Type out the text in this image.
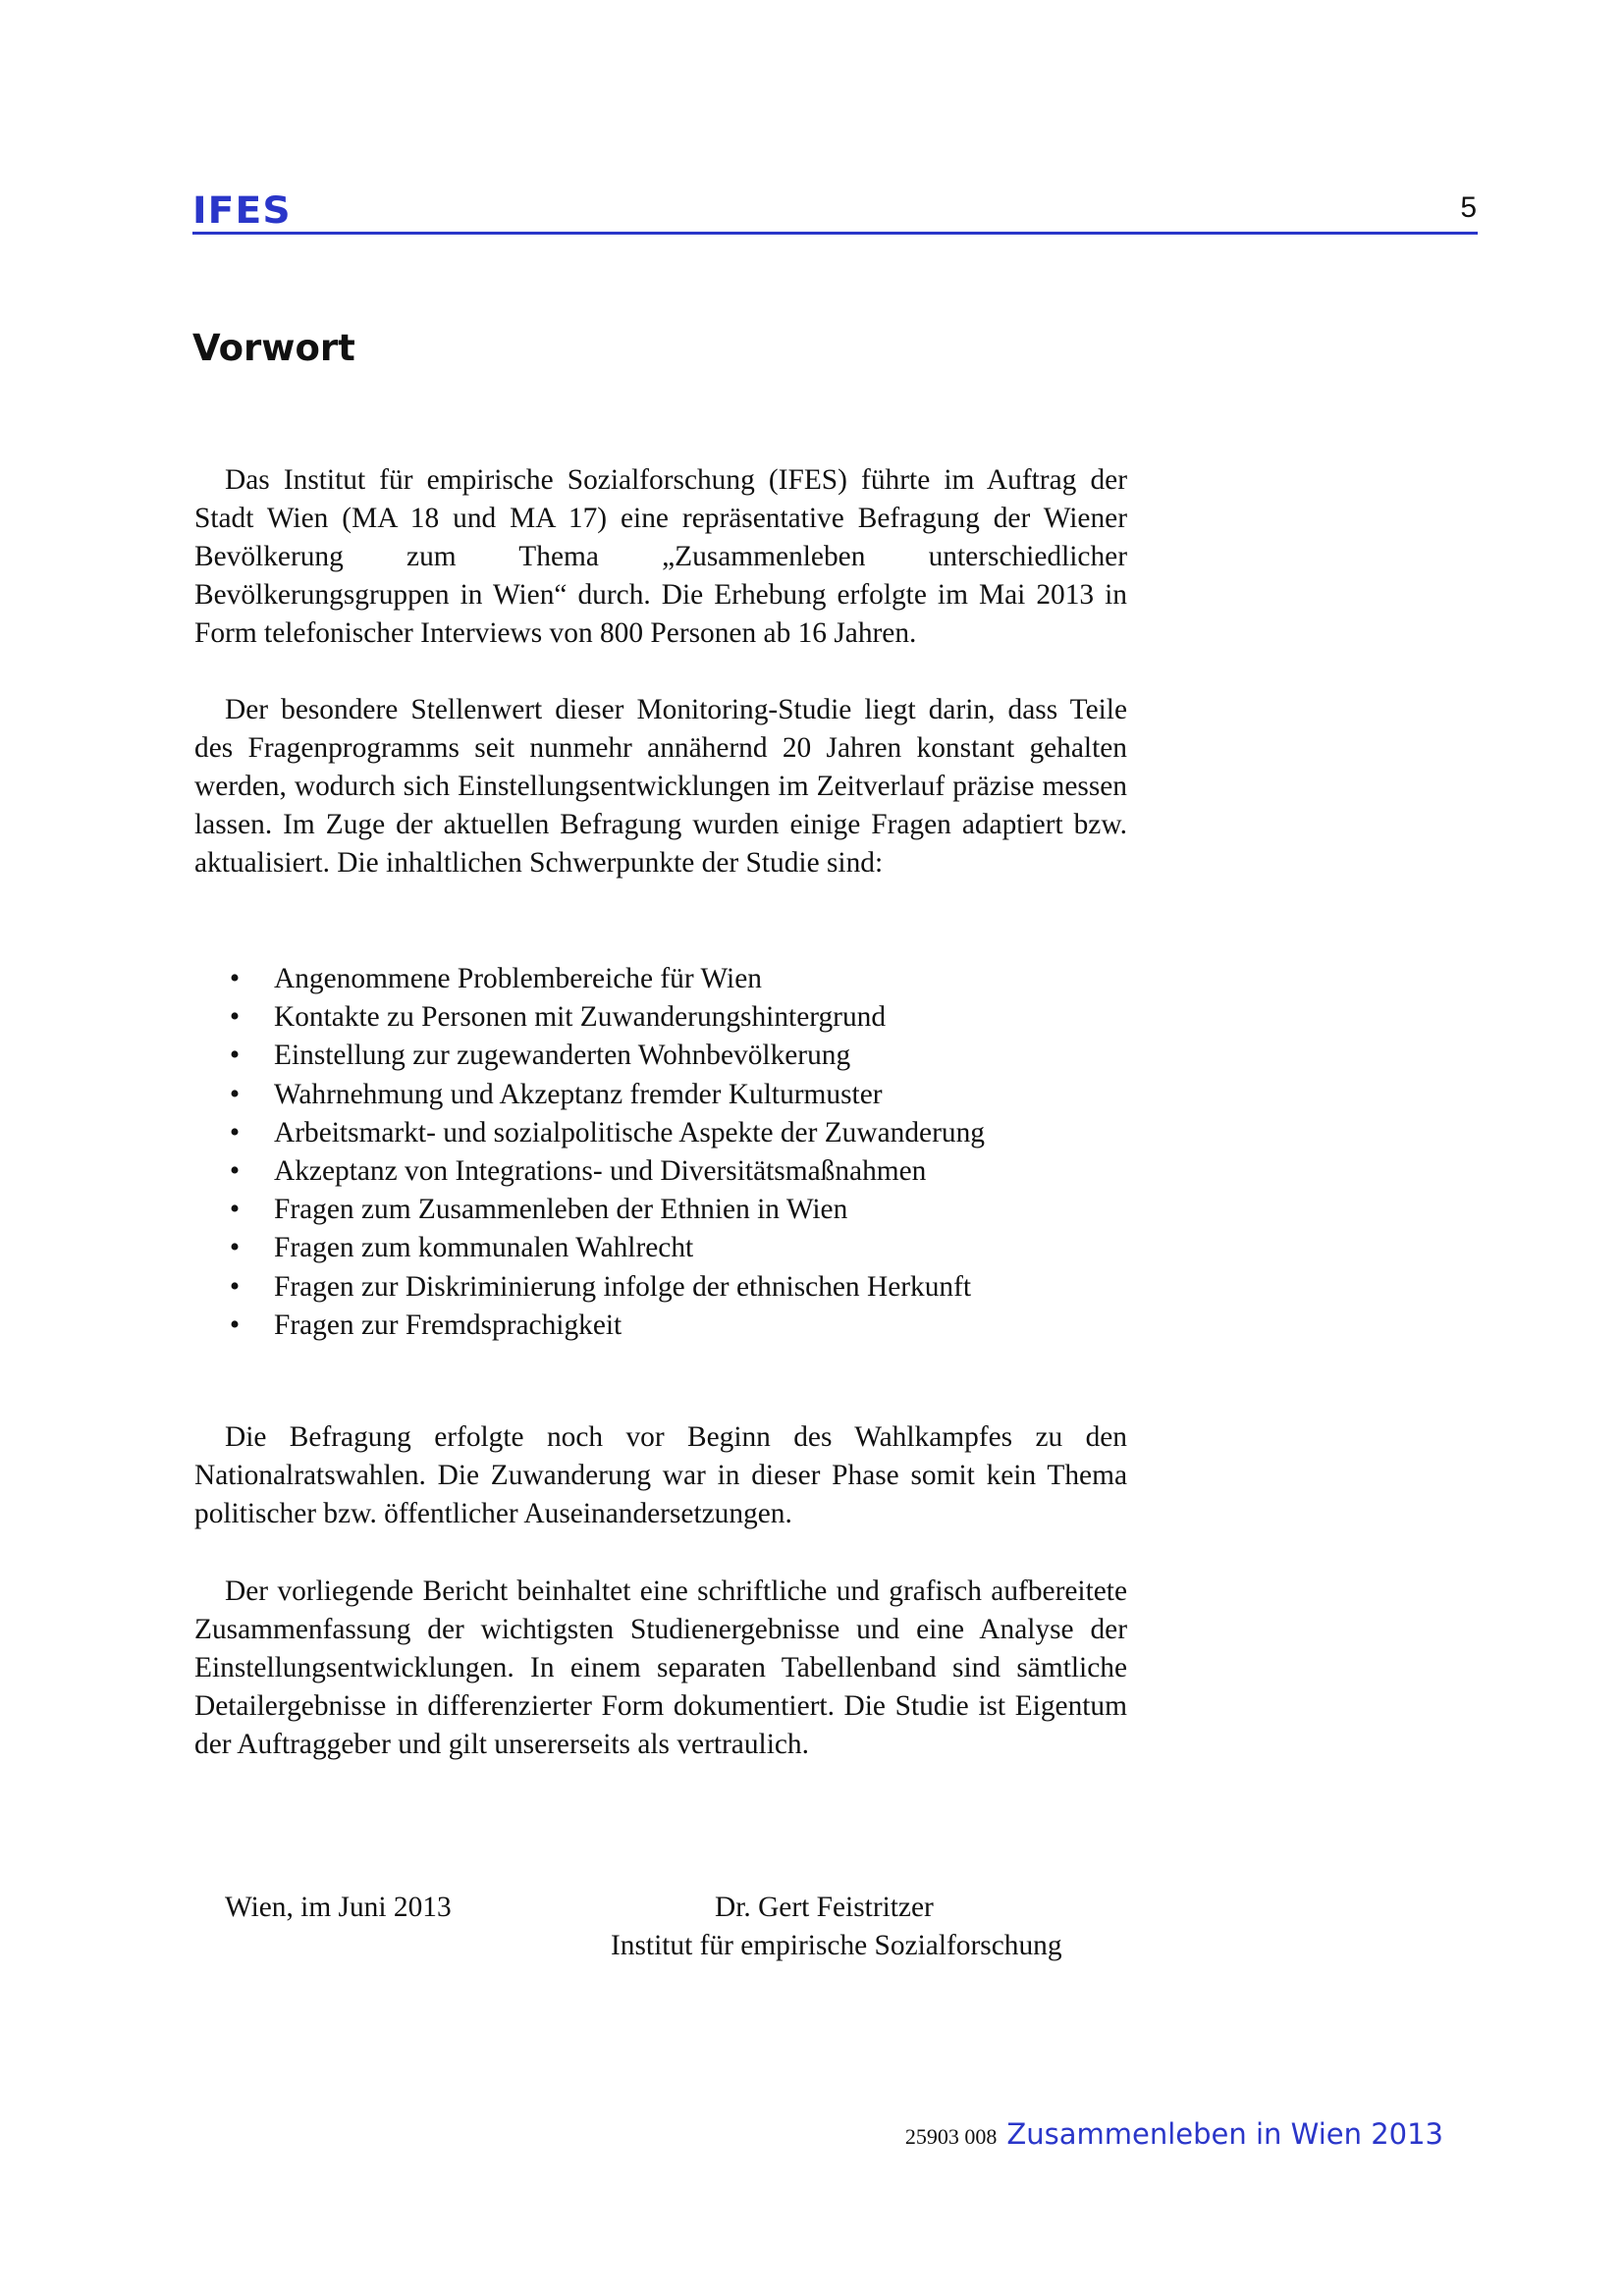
IFES	5
Vorwort

Das Institut für empirische Sozialforschung (IFES) führte im Auftrag der Stadt Wien (MA 18 und MA 17) eine repräsentative Befragung der Wiener Bevölkerung zum Thema „Zusammenleben unterschiedlicher Bevölkerungsgruppen in Wien“ durch. Die Erhebung erfolgte im Mai 2013 in Form telefonischer Interviews von 800 Personen ab 16 Jahren.

Der besondere Stellenwert dieser Monitoring-Studie liegt darin, dass Teile des Fragenprogramms seit nunmehr annähernd 20 Jahren konstant gehalten werden, wodurch sich Einstellungsentwicklungen im Zeitverlauf präzise messen lassen. Im Zuge der aktuellen Befragung wurden einige Fragen adaptiert bzw. aktualisiert. Die inhaltlichen Schwerpunkte der Studie sind:

• Angenommene Problembereiche für Wien
• Kontakte zu Personen mit Zuwanderungshintergrund
• Einstellung zur zugewanderten Wohnbevölkerung
• Wahrnehmung und Akzeptanz fremder Kulturmuster
• Arbeitsmarkt- und sozialpolitische Aspekte der Zuwanderung
• Akzeptanz von Integrations- und Diversitätsmaßnahmen
• Fragen zum Zusammenleben der Ethnien in Wien
• Fragen zum kommunalen Wahlrecht
• Fragen zur Diskriminierung infolge der ethnischen Herkunft
• Fragen zur Fremdsprachigkeit

Die Befragung erfolgte noch vor Beginn des Wahlkampfes zu den Nationalratswahlen. Die Zuwanderung war in dieser Phase somit kein Thema politischer bzw. öffentlicher Auseinandersetzungen.

Der vorliegende Bericht beinhaltet eine schriftliche und grafisch aufbereitete Zusammenfassung der wichtigsten Studienergebnisse und eine Analyse der Einstellungsentwicklungen. In einem separaten Tabellenband sind sämtliche Detailergebnisse in differenzierter Form dokumentiert. Die Studie ist Eigentum der Auftraggeber und gilt unsererseits als vertraulich.

Wien, im Juni 2013	Dr. Gert Feistritzer
Institut für empirische Sozialforschung
25903 008 Zusammenleben in Wien 2013
